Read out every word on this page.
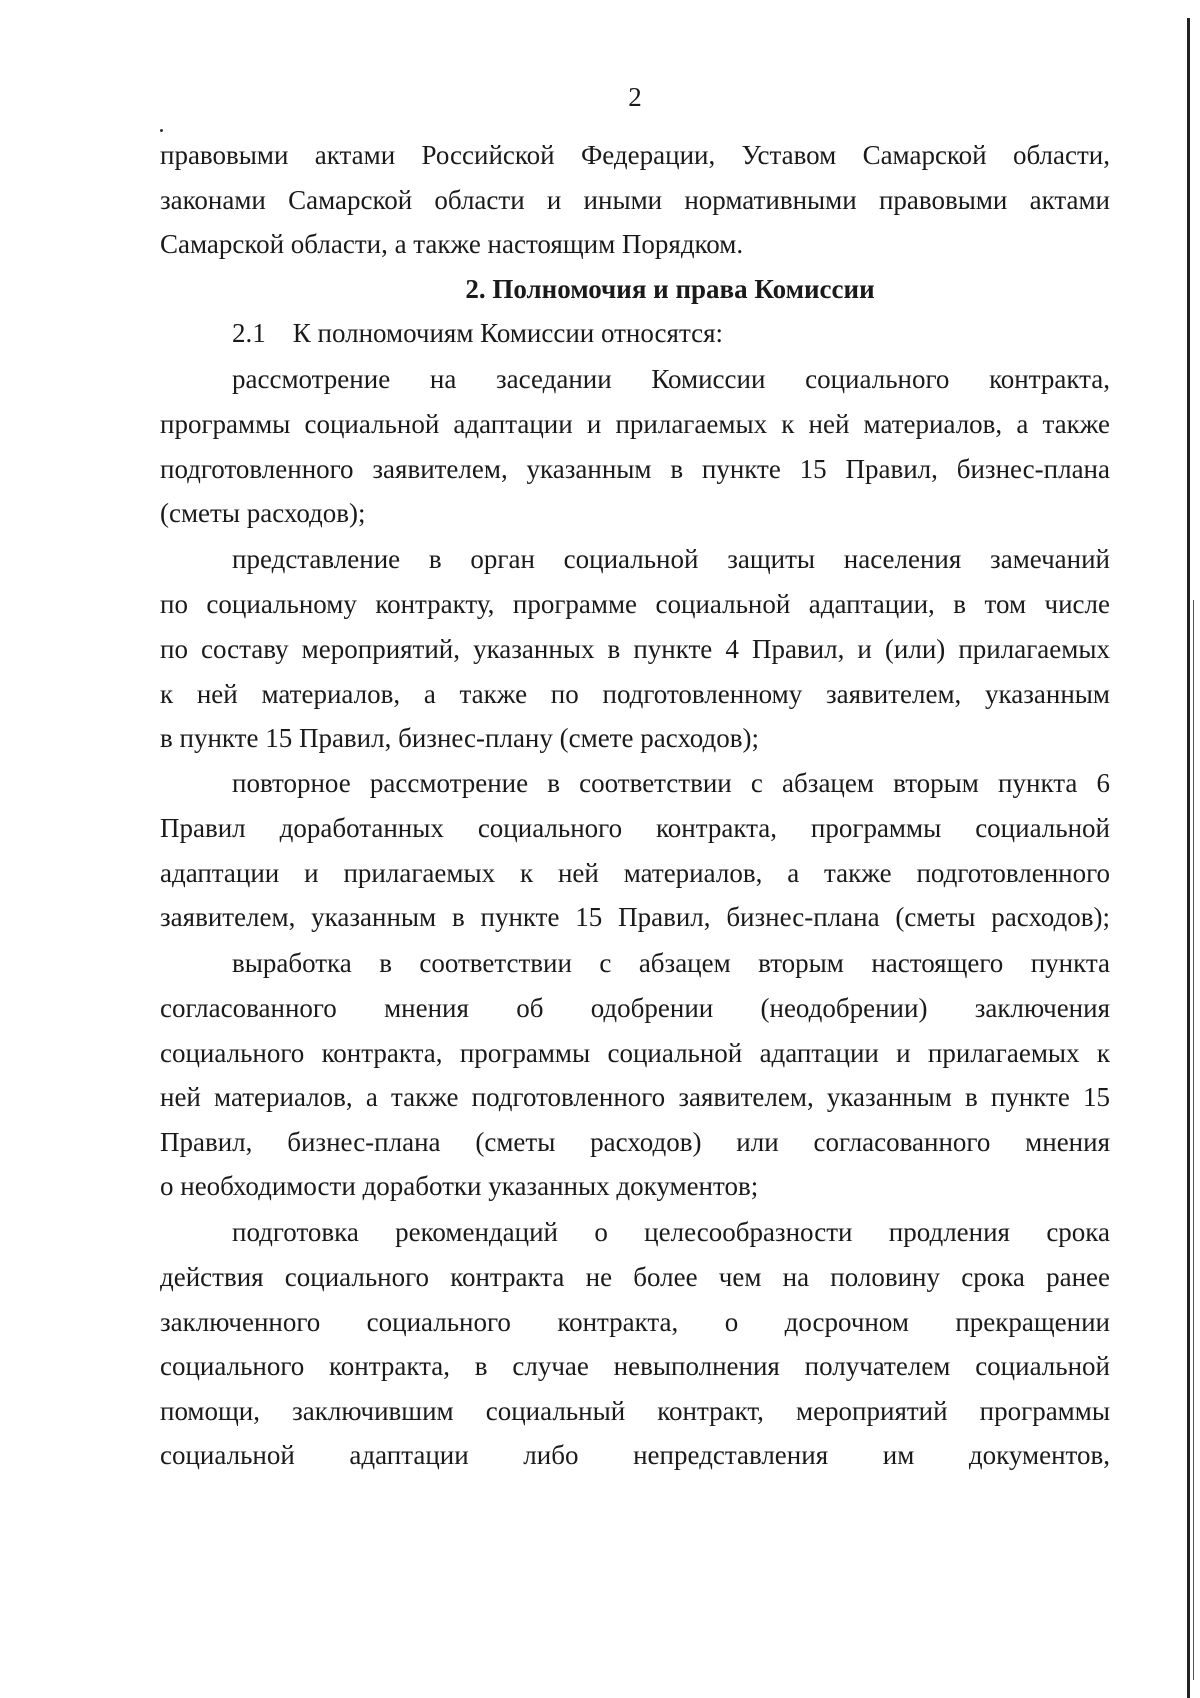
2
правовыми актами Российской Федерации, Уставом Самарской области,
законами Самарской области и иными нормативными правовыми актами
Самарской области, а также настоящим Порядком.
2. Полномочия и права Комиссии
2.1    К полномочиям Комиссии относятся:
рассмотрение на заседании Комиссии социального контракта,
программы социальной адаптации и прилагаемых к ней материалов, а также
подготовленного заявителем, указанным в пункте 15 Правил, бизнес-плана
(сметы расходов);
представление в орган социальной защиты населения замечаний
по социальному контракту, программе социальной адаптации, в том числе
по составу мероприятий, указанных в пункте 4 Правил, и (или) прилагаемых
к ней материалов, а также по подготовленному заявителем, указанным
в пункте 15 Правил, бизнес-плану (смете расходов);
повторное рассмотрение в соответствии с абзацем вторым пункта 6
Правил доработанных социального контракта, программы социальной
адаптации и прилагаемых к ней материалов, а также подготовленного
заявителем, указанным в пункте 15 Правил, бизнес-плана (сметы расходов);
выработка в соответствии с абзацем вторым настоящего пункта
согласованного мнения об одобрении (неодобрении) заключения
социального контракта, программы социальной адаптации и прилагаемых к
ней материалов, а также подготовленного заявителем, указанным в пункте 15
Правил, бизнес-плана (сметы расходов) или согласованного мнения
о необходимости доработки указанных документов;
подготовка рекомендаций о целесообразности продления срока
действия социального контракта не более чем на половину срока ранее
заключенного социального контракта, о досрочном прекращении
социального контракта, в случае невыполнения получателем социальной
помощи, заключившим социальный контракт, мероприятий программы
социальной адаптации либо непредставления им документов,
